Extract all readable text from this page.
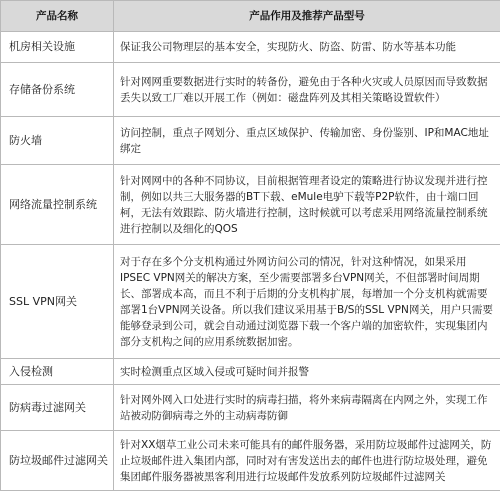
产品名称	产品作用及推荐产品型号
机房相关设施	保证我公司物理层的基本安全，实现防火、防盗、防雷、防水等基本功能
存储备份系统	针对网网重要数据进行实时的转备份，避免由于各种火灾或人员原因而导致数据丢失以致工厂难以开展工作（例如：磁盘阵列及其相关策略设置软件）
防火墙	访问控制，重点子网划分、重点区域保护、传输加密、身份鉴别、IP和MAC地址绑定
网络流量控制系统	针对网网中的各种不同协议，目前根据管理者设定的策略进行协议发现并进行控制，例如以共三大服务器的BT下载、eMule电驴下载等P2P软件，由十端口回柯，无法有效跟踪、防火墙进行控制，这时候就可以考虑采用网络流量控制系统进行控制以及细化的QOS
SSL VPN网关	对于存在多个分支机构通过外网访问公司的情况，针对这种情况，如果采用IPSEC VPN网关的解决方案，至少需要部署多台VPN网关，不但部署时间周期长、部署成本高，而且不利于后期的分支机构扩展，每增加一个分支机构就需要部署1台VPN网关设备。所以我们建议采用基于B/S的SSL VPN网关，用户只需要能够登录到公司，就会自动通过浏览器下载一个客户端的加密软件，实现集团内部分支机构之间的应用系统数据加密。
入侵检测	实时检测重点区域入侵或可疑时间并报警
防病毒过滤网关	针对网外网入口处进行实时的病毒扫描，将外来病毒隔离在内网之外，实现工作站被动防御病毒之外的主动病毒防御
防垃圾邮件过滤网关	针对XX烟草工业公司未来可能具有的邮件服务器，采用防垃圾邮件过滤网关，防止垃圾邮件进入集团内部，同时对有害发送出去的邮件也进行防垃圾处理，避免集团邮件服务器被黑客利用进行垃圾邮件发放系列防垃圾邮件过滤网关
